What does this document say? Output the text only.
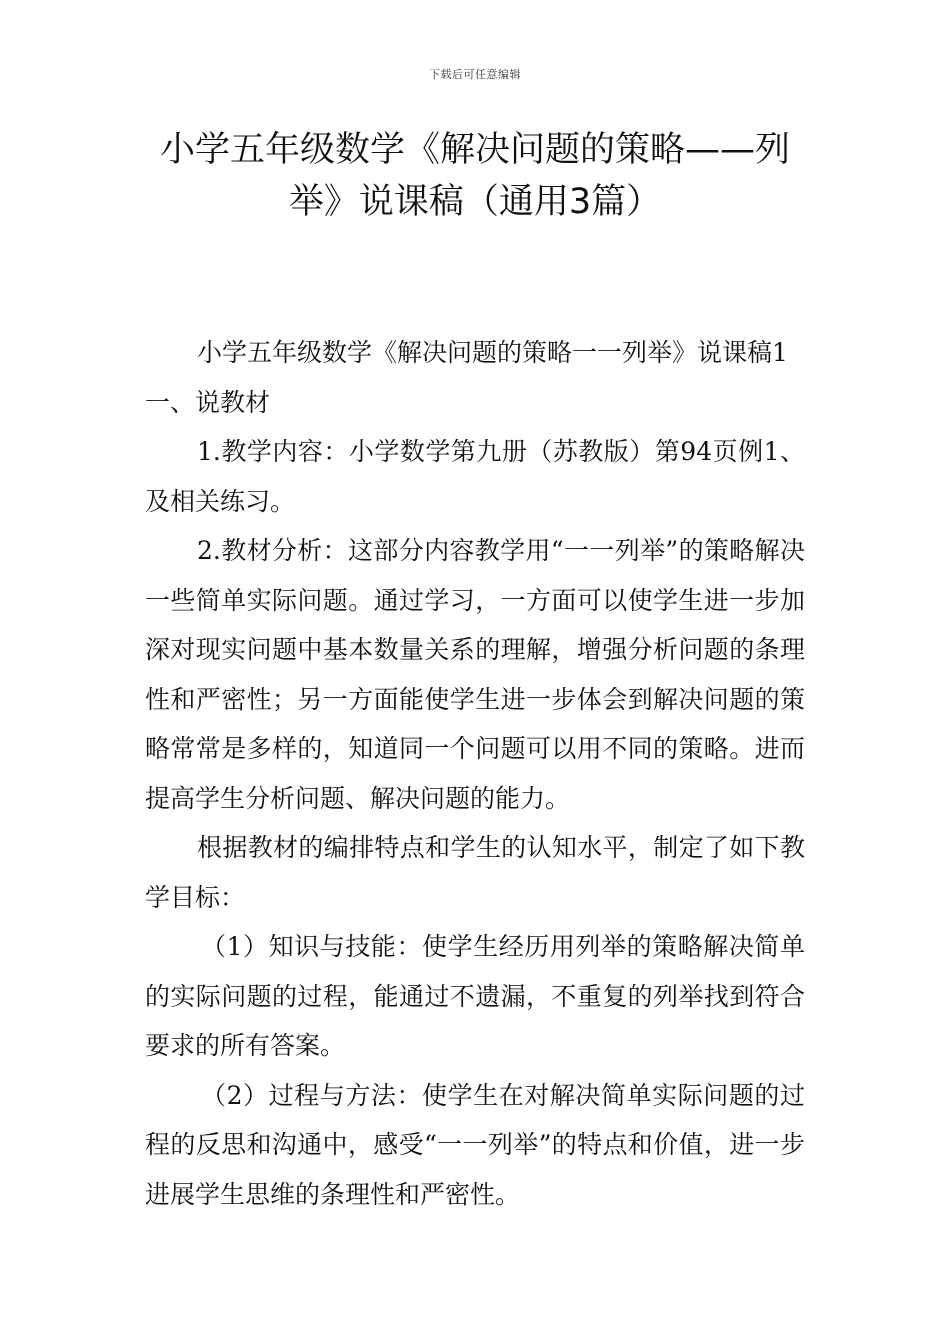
下载后可任意编辑
小学五年级数学《解决问题的策略——列举》说课稿（通用3篇）

小学五年级数学《解决问题的策略一一列举》说课稿1

一、说教材

1.教学内容：小学数学第九册（苏教版）第94页例1、及相关练习。

2.教材分析：这部分内容教学用“一一列举”的策略解决一些简单实际问题。通过学习，一方面可以使学生进一步加深对现实问题中基本数量关系的理解，增强分析问题的条理性和严密性；另一方面能使学生进一步体会到解决问题的策略常常是多样的，知道同一个问题可以用不同的策略。进而提高学生分析问题、解决问题的能力。

根据教材的编排特点和学生的认知水平，制定了如下教学目标：

（1）知识与技能：使学生经历用列举的策略解决简单的实际问题的过程，能通过不遗漏，不重复的列举找到符合要求的所有答案。

（2）过程与方法：使学生在对解决简单实际问题的过程的反思和沟通中，感受“一一列举”的特点和价值，进一步进展学生思维的条理性和严密性。
